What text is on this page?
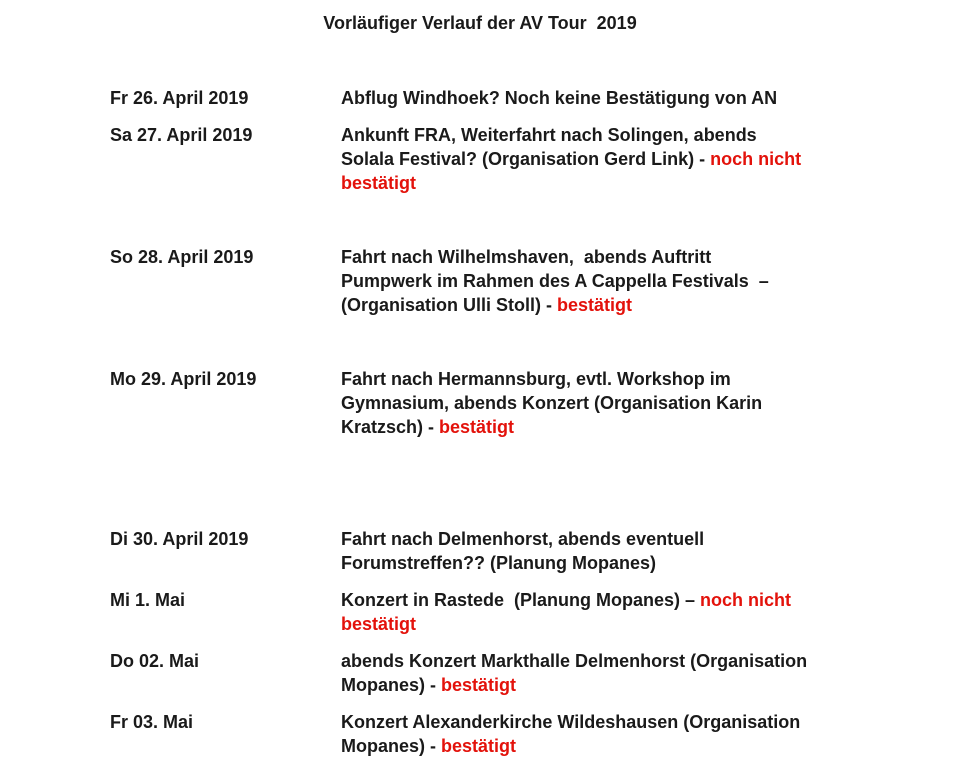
Vorläufiger Verlauf der AV Tour  2019
Fr 26. April 2019	Abflug Windhoek? Noch keine Bestätigung von AN
Sa 27. April 2019	Ankunft FRA, Weiterfahrt nach Solingen, abends
Solala Festival? (Organisation Gerd Link) - noch nicht
bestätigt
So 28. April 2019	Fahrt nach Wilhelmshaven,  abends Auftritt
Pumpwerk im Rahmen des A Cappella Festivals  –
(Organisation Ulli Stoll) - bestätigt
Mo 29. April 2019	Fahrt nach Hermannsburg, evtl. Workshop im
Gymnasium, abends Konzert (Organisation Karin
Kratzsch) - bestätigt
Di 30. April 2019	Fahrt nach Delmenhorst, abends eventuell
Forumstreffen?? (Planung Mopanes)
Mi 1. Mai	Konzert in Rastede  (Planung Mopanes) – noch nicht
bestätigt
Do 02. Mai	abends Konzert Markthalle Delmenhorst (Organisation
Mopanes) - bestätigt
Fr 03. Mai	Konzert Alexanderkirche Wildeshausen (Organisation
Mopanes) - bestätigt
